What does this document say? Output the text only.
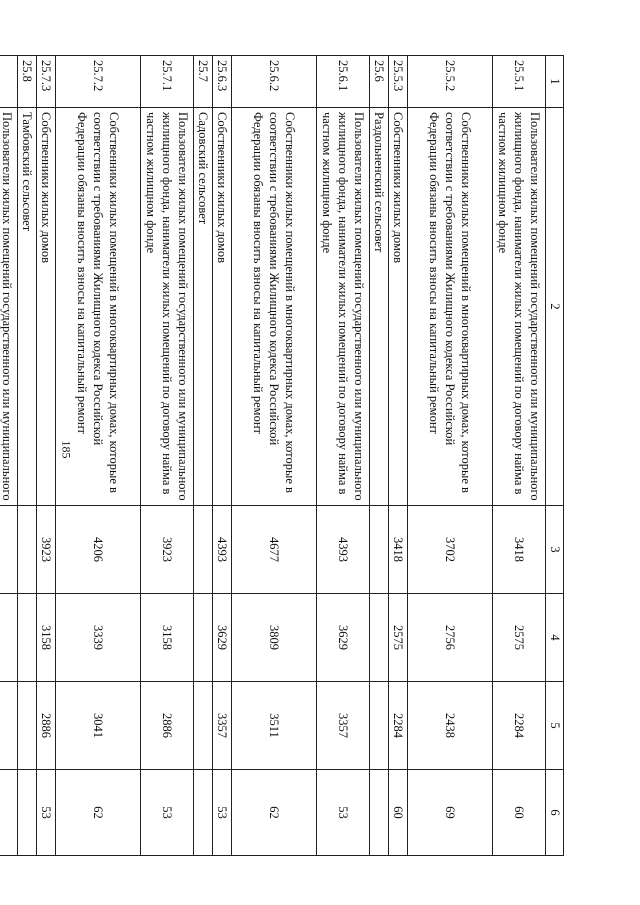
185
1	2	3	4	5	6
25.5.1	Пользователи жилых помещений государственного или муниципального жилищного фонда, наниматели жилых помещений по договору найма в частном жилищном фонде	3418	2575	2284	60
25.5.2	Собственники жилых помещений в многоквартирных домах, которые в соответствии с требованиями Жилищного кодекса Российской Федерации обязаны вносить взносы на капитальный ремонт	3702	2756	2438	69
25.5.3	Собственники жилых домов	3418	2575	2284	60
25.6	Раздольненский сельсовет				
25.6.1	Пользователи жилых помещений государственного или муниципального жилищного фонда, наниматели жилых помещений по договору найма в частном жилищном фонде	4393	3629	3357	53
25.6.2	Собственники жилых помещений в многоквартирных домах, которые в соответствии с требованиями Жилищного кодекса Российской Федерации обязаны вносить взносы на капитальный ремонт	4677	3809	3511	62
25.6.3	Собственники жилых домов	4393	3629	3357	53
25.7	Садовский сельсовет				
25.7.1	Пользователи жилых помещений государственного или муниципального жилищного фонда, наниматели жилых помещений по договору найма в частном жилищном фонде	3923	3158	2886	53
25.7.2	Собственники жилых помещений в многоквартирных домах, которые в соответствии с требованиями Жилищного кодекса Российской Федерации обязаны вносить взносы на капитальный ремонт	4206	3339	3041	62
25.7.3	Собственники жилых домов	3923	3158	2886	53
25.8	Тамбовский сельсовет				
	Пользователи жилых помещений государственного или муниципального				
